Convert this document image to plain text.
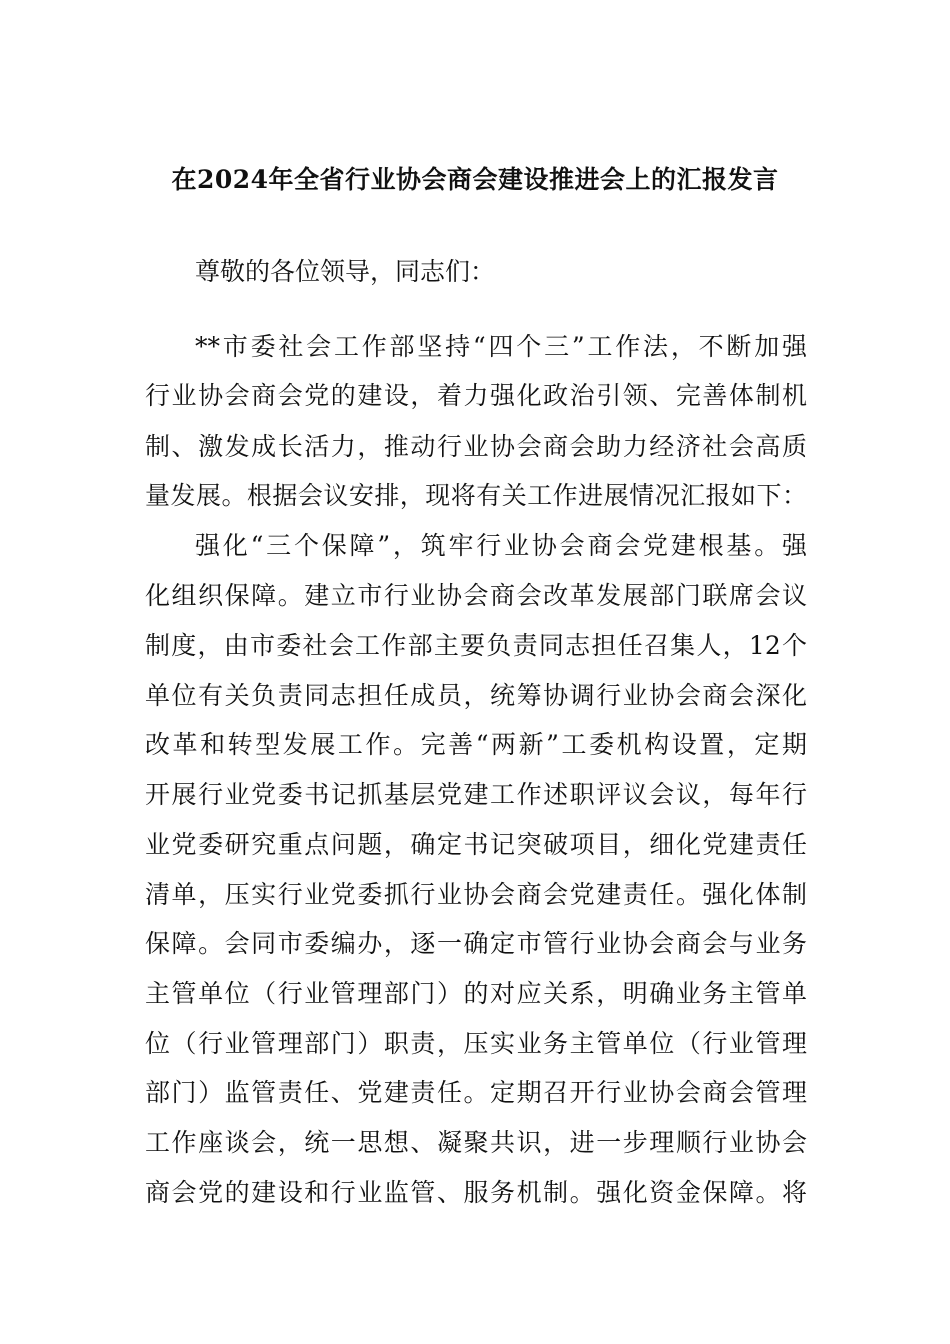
在2024年全省行业协会商会建设推进会上的汇报发言
尊敬的各位领导，同志们：
**市委社会工作部坚持“四个三”工作法，不断加强
行业协会商会党的建设，着力强化政治引领、完善体制机
制、激发成长活力，推动行业协会商会助力经济社会高质
量发展。根据会议安排，现将有关工作进展情况汇报如下：
强化“三个保障”，筑牢行业协会商会党建根基。强
化组织保障。建立市行业协会商会改革发展部门联席会议
制度，由市委社会工作部主要负责同志担任召集人，12个
单位有关负责同志担任成员，统筹协调行业协会商会深化
改革和转型发展工作。完善“两新”工委机构设置，定期
开展行业党委书记抓基层党建工作述职评议会议，每年行
业党委研究重点问题，确定书记突破项目，细化党建责任
清单，压实行业党委抓行业协会商会党建责任。强化体制
保障。会同市委编办，逐一确定市管行业协会商会与业务
主管单位（行业管理部门）的对应关系，明确业务主管单
位（行业管理部门）职责，压实业务主管单位（行业管理
部门）监管责任、党建责任。定期召开行业协会商会管理
工作座谈会，统一思想、凝聚共识，进一步理顺行业协会
商会党的建设和行业监管、服务机制。强化资金保障。将
